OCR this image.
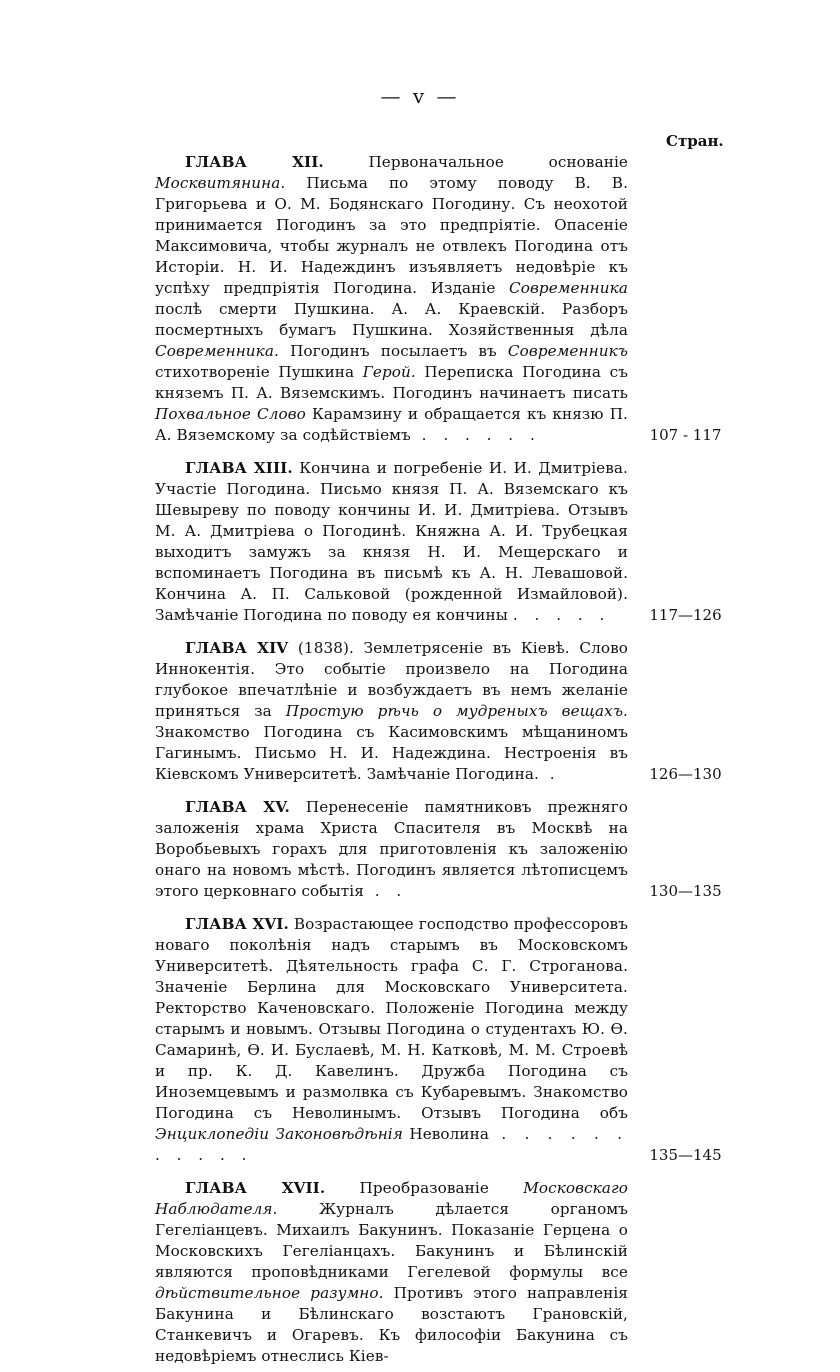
— v —
Стран.
ГЛАВА XII. Первоначальное основаніе Москвитянина. Письма по этому поводу В. В. Григорьева и О. М. Бодянскаго Погодину. Съ неохотой принимается Погодинъ за это предпріятіе. Опасеніе Максимовича, чтобы журналъ не отвлекъ Погодина отъ Исторіи. Н. И. Надеждинъ изъявляетъ недовѣріе къ успѣху предпріятія Погодина. Изданіе Современника послѣ смерти Пушкина. А. А. Краевскій. Разборъ посмертныхъ бумагъ Пушкина. Хозяйственныя дѣла Современника. Погодинъ посылаетъ въ Современникъ стихотвореніе Пушкина Герой. Переписка Погодина съ княземъ П. А. Вяземскимъ. Погодинъ начинаетъ писать Похвальное Слово Карамзину и обращается къ князю П. А. Вяземскому за содѣйствіемъ . . . . . .	107 - 117
ГЛАВА XIII. Кончина и погребеніе И. И. Дмитріева. Участіе Погодина. Письмо князя П. А. Вяземскаго къ Шевыреву по поводу кончины И. И. Дмитріева. Отзывъ М. А. Дмитріева о Погодинѣ. Княжна А. И. Трубецкая выходитъ замужъ за князя Н. И. Мещерскаго и вспоминаетъ Погодина въ письмѣ къ А. Н. Левашовой. Кончина А. П. Сальковой (рожденной Измайловой). Замѣчаніе Погодина по поводу ея кончины . . . . .	117—126
ГЛАВА XIV (1838). Землетрясеніе въ Кіевѣ. Слово Иннокентія. Это событіе произвело на Погодина глубокое впечатлѣніе и возбуждаетъ въ немъ желаніе приняться за Простую рѣчь о мудреныхъ вещахъ. Знакомство Погодина съ Касимовскимъ мѣщаниномъ Гагинымъ. Письмо Н. И. Надеждина. Нестроенія въ Кіевскомъ Университетѣ. Замѣчаніе Погодина. .	126—130
ГЛАВА XV. Перенесеніе памятниковъ прежняго заложенія храма Христа Спасителя въ Москвѣ на Воробьевыхъ горахъ для приготовленія къ заложенію онаго на новомъ мѣстѣ. Погодинъ является лѣтописцемъ этого церковнаго событія . .	130—135
ГЛАВА XVI. Возрастающее господство профессоровъ новаго поколѣнія надъ старымъ въ Московскомъ Университетѣ. Дѣятельность графа С. Г. Строганова. Значеніе Берлина для Московскаго Университета. Ректорство Каченовскаго. Положеніе Погодина между старымъ и новымъ. Отзывы Погодина о студентахъ Ю. Ѳ. Самаринѣ, Ѳ. И. Буслаевѣ, М. Н. Катковѣ, М. М. Строевѣ и пр. К. Д. Кавелинъ. Дружба Погодина съ Иноземцевымъ и размолвка съ Кубаревымъ. Знакомство Погодина съ Неволинымъ. Отзывъ Погодина объ Энциклопедіи Законовѣдѣнія Неволина . . . . . . . . . . .	135—145
ГЛАВА XVII. Преобразованіе Московскаго Наблюдателя. Журналъ дѣлается органомъ Гегеліанцевъ. Михаилъ Бакунинъ. Показаніе Герцена о Московскихъ Гегеліанцахъ. Бакунинъ и Бѣлинскій являются проповѣдниками Гегелевой формулы все дѣйствительное разумно. Противъ этого направленія Бакунина и Бѣлинскаго возстаютъ Грановскій, Станкевичъ и Огаревъ. Къ философіи Бакунина съ недовѣріемъ отнеслись Кіев-
